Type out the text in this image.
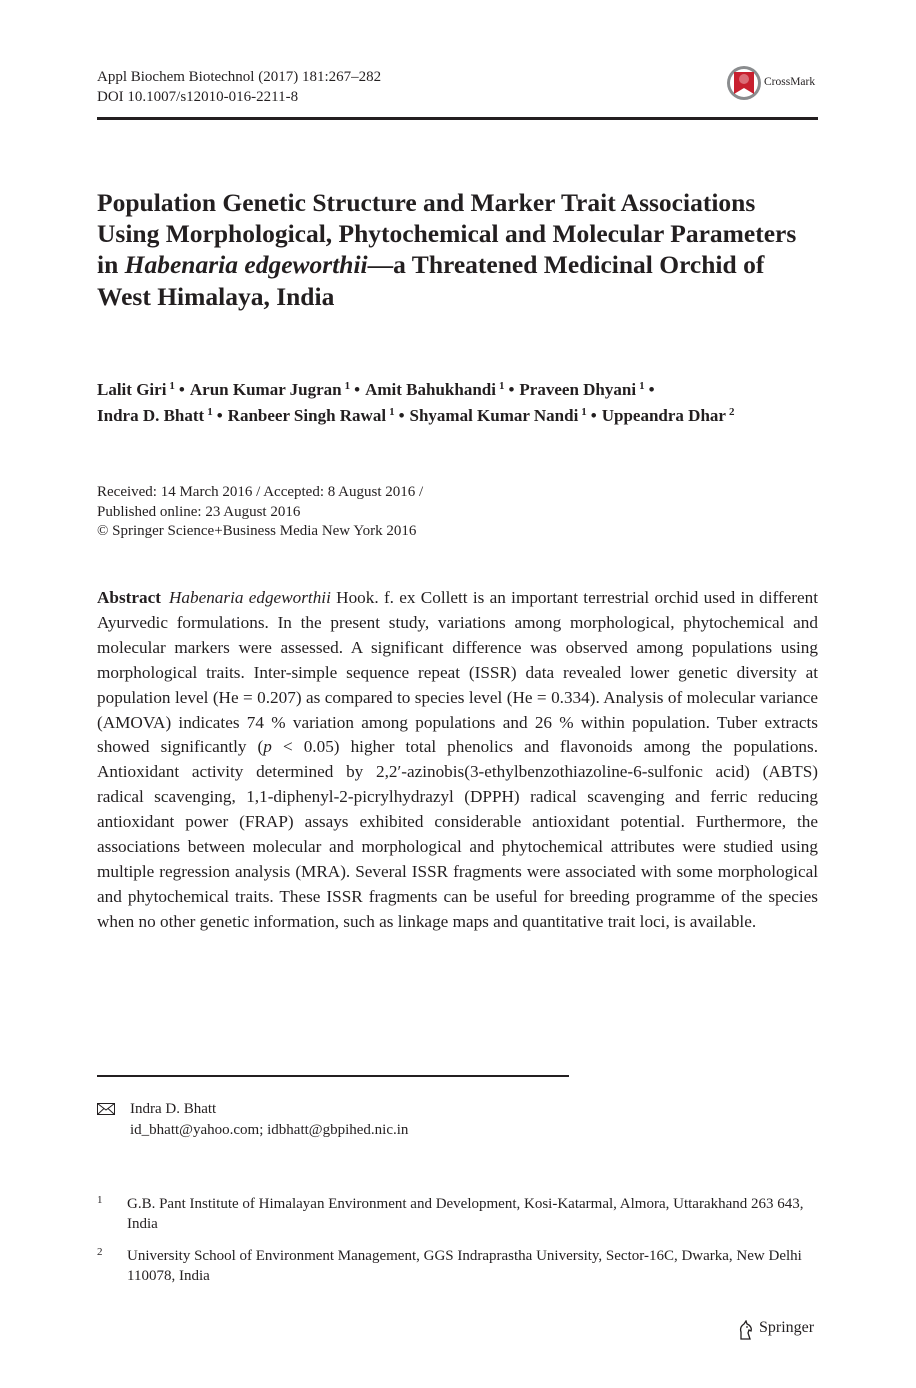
Appl Biochem Biotechnol (2017) 181:267–282
DOI 10.1007/s12010-016-2211-8
CrossMark
Population Genetic Structure and Marker Trait Associations Using Morphological, Phytochemical and Molecular Parameters in Habenaria edgeworthii—a Threatened Medicinal Orchid of West Himalaya, India
Lalit Giri $^1$ • Arun Kumar Jugran $^1$ • Amit Bahukhandi $^1$ • Praveen Dhyani $^1$ •
Indra D. Bhatt $^1$ • Ranbeer Singh Rawal $^1$ • Shyamal Kumar Nandi $^1$ • Uppeandra Dhar $^2$
Received: 14 March 2016 / Accepted: 8 August 2016 /
Published online: 23 August 2016
© Springer Science+Business Media New York 2016

Abstract Habenaria edgeworthii Hook. f. ex Collett is an important terrestrial orchid used in different Ayurvedic formulations. In the present study, variations among morphological, phytochemical and molecular markers were assessed. A significant difference was observed among populations using morphological traits. Inter-simple sequence repeat (ISSR) data revealed lower genetic diversity at population level (He = 0.207) as compared to species level (He = 0.334). Analysis of molecular variance (AMOVA) indicates 74 % variation among populations and 26 % within population. Tuber extracts showed significantly (p < 0.05) higher total phenolics and flavonoids among the populations. Antioxidant activity determined by 2,2′-azinobis(3-ethylbenzothiazoline-6-sulfonic acid) (ABTS) radical scavenging, 1,1-diphenyl-2-picrylhydrazyl (DPPH) radical scavenging and ferric reducing antioxidant power (FRAP) assays exhibited considerable antioxidant potential. Furthermore, the associations between molecular and morphological and phytochemical attributes were studied using multiple regression analysis (MRA). Several ISSR fragments were associated with some morphological and phytochemical traits. These ISSR fragments can be useful for breeding programme of the species when no other genetic information, such as linkage maps and quantitative trait loci, is available.

Indra D. Bhatt
id_bhatt@yahoo.com; idbhatt@gbpihed.nic.in
1 G.B. Pant Institute of Himalayan Environment and Development, Kosi-Katarmal, Almora, Uttarakhand 263 643, India
2 University School of Environment Management, GGS Indraprastha University, Sector-16C, Dwarka, New Delhi 110078, India
Springer
